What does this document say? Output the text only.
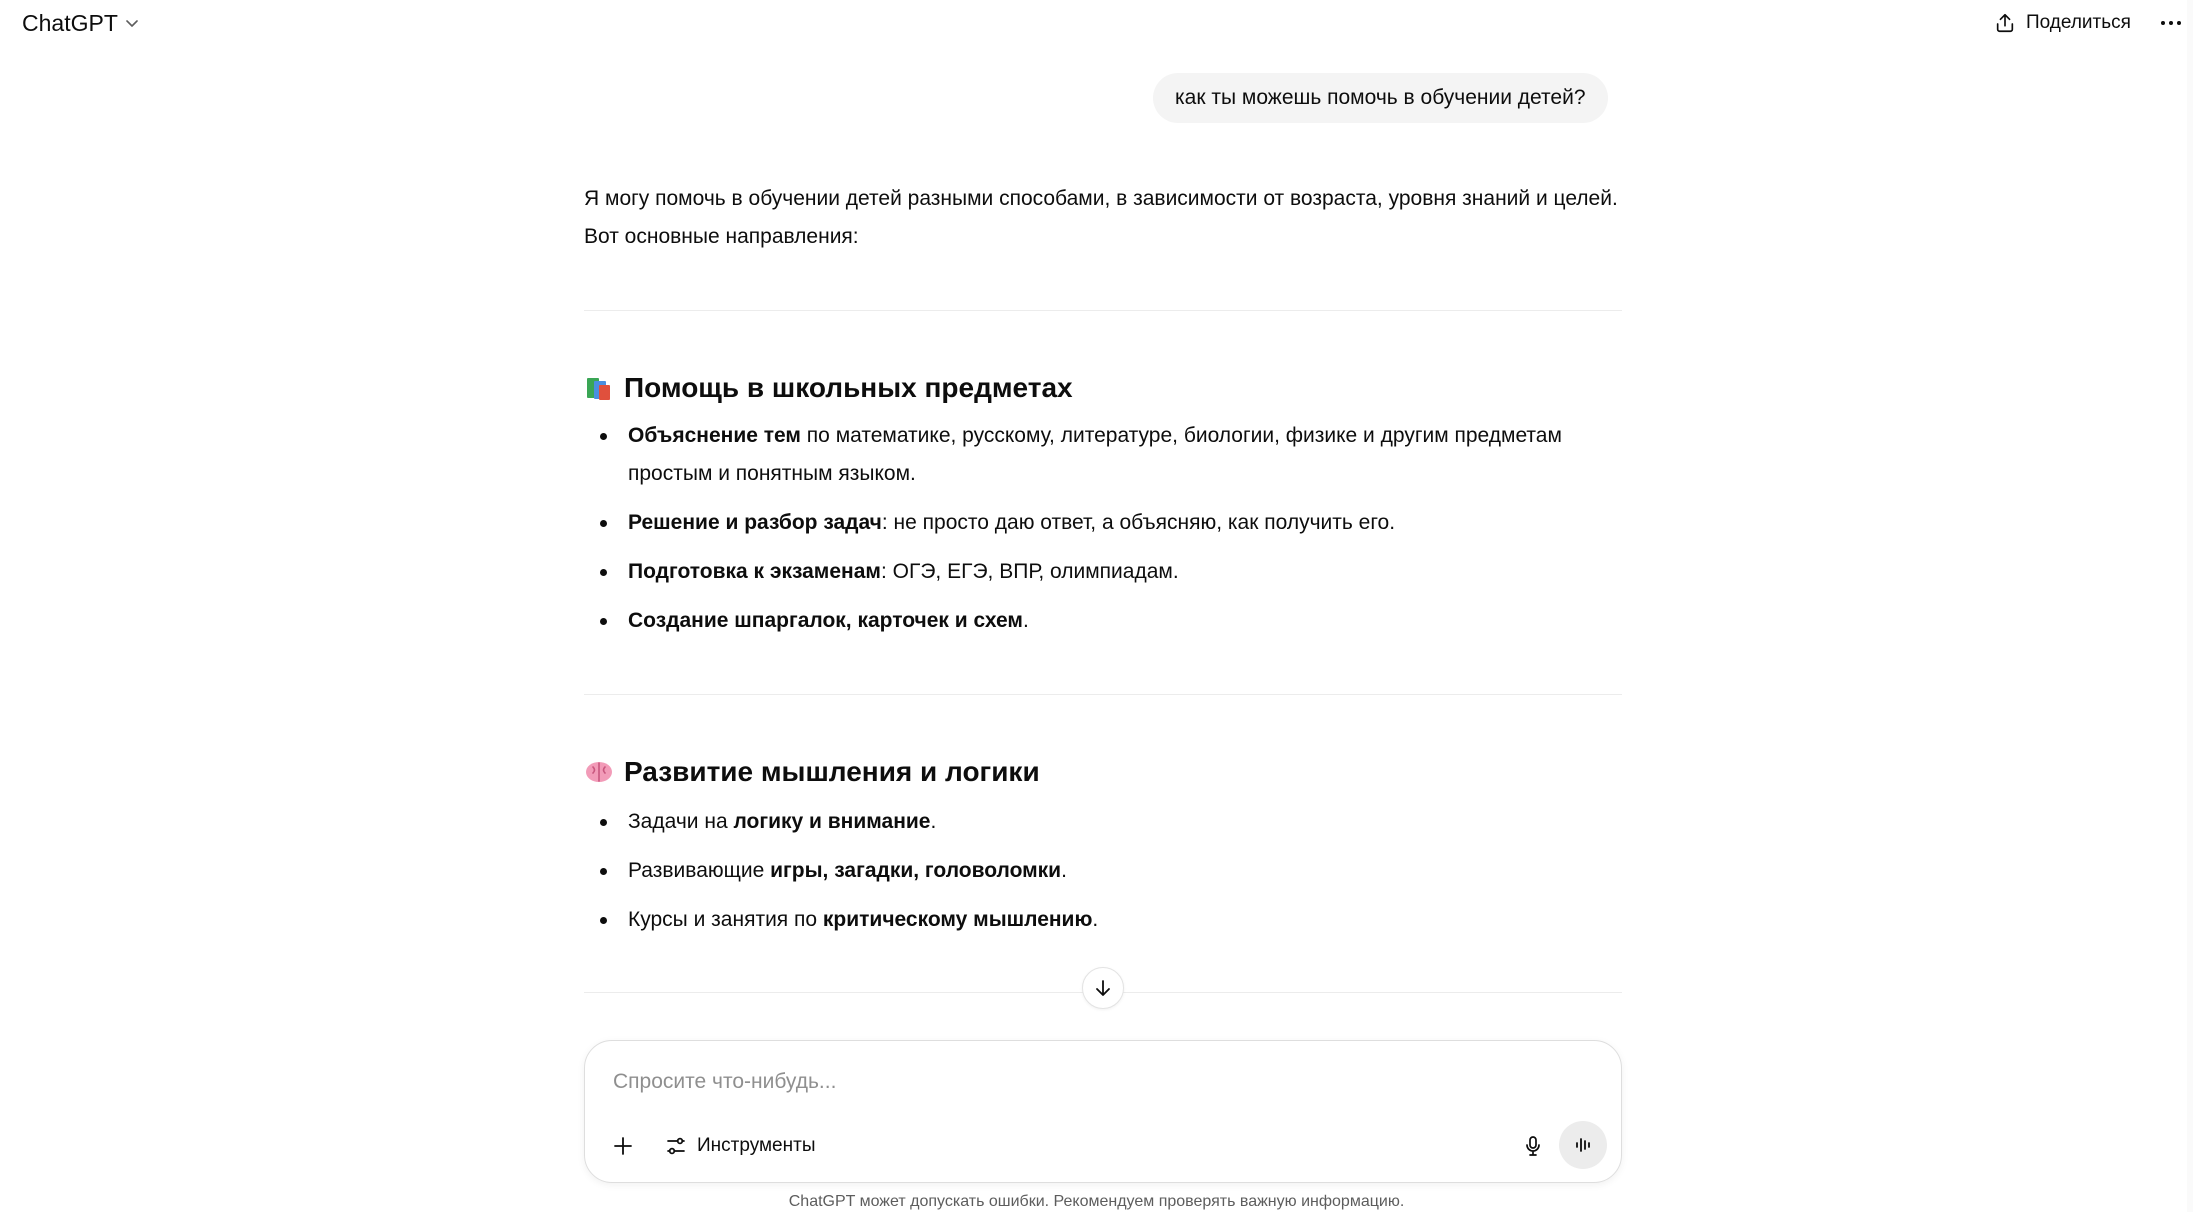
ChatGPT	Поделиться
как ты можешь помочь в обучении детей?

Я могу помочь в обучении детей разными способами, в зависимости от возраста, уровня знаний и целей. Вот основные направления:

Помощь в школьных предметах
Объяснение тем по математике, русскому, литературе, биологии, физике и другим предметам простым и понятным языком.
Решение и разбор задач: не просто даю ответ, а объясняю, как получить его.
Подготовка к экзаменам: ОГЭ, ЕГЭ, ВПР, олимпиадам.
Создание шпаргалок, карточек и схем.
Развитие мышления и логики
Задачи на логику и внимание.
Развивающие игры, загадки, головоломки.
Курсы и занятия по критическому мышлению.
Спросите что-нибудь...
Инструменты
ChatGPT может допускать ошибки. Рекомендуем проверять важную информацию.
